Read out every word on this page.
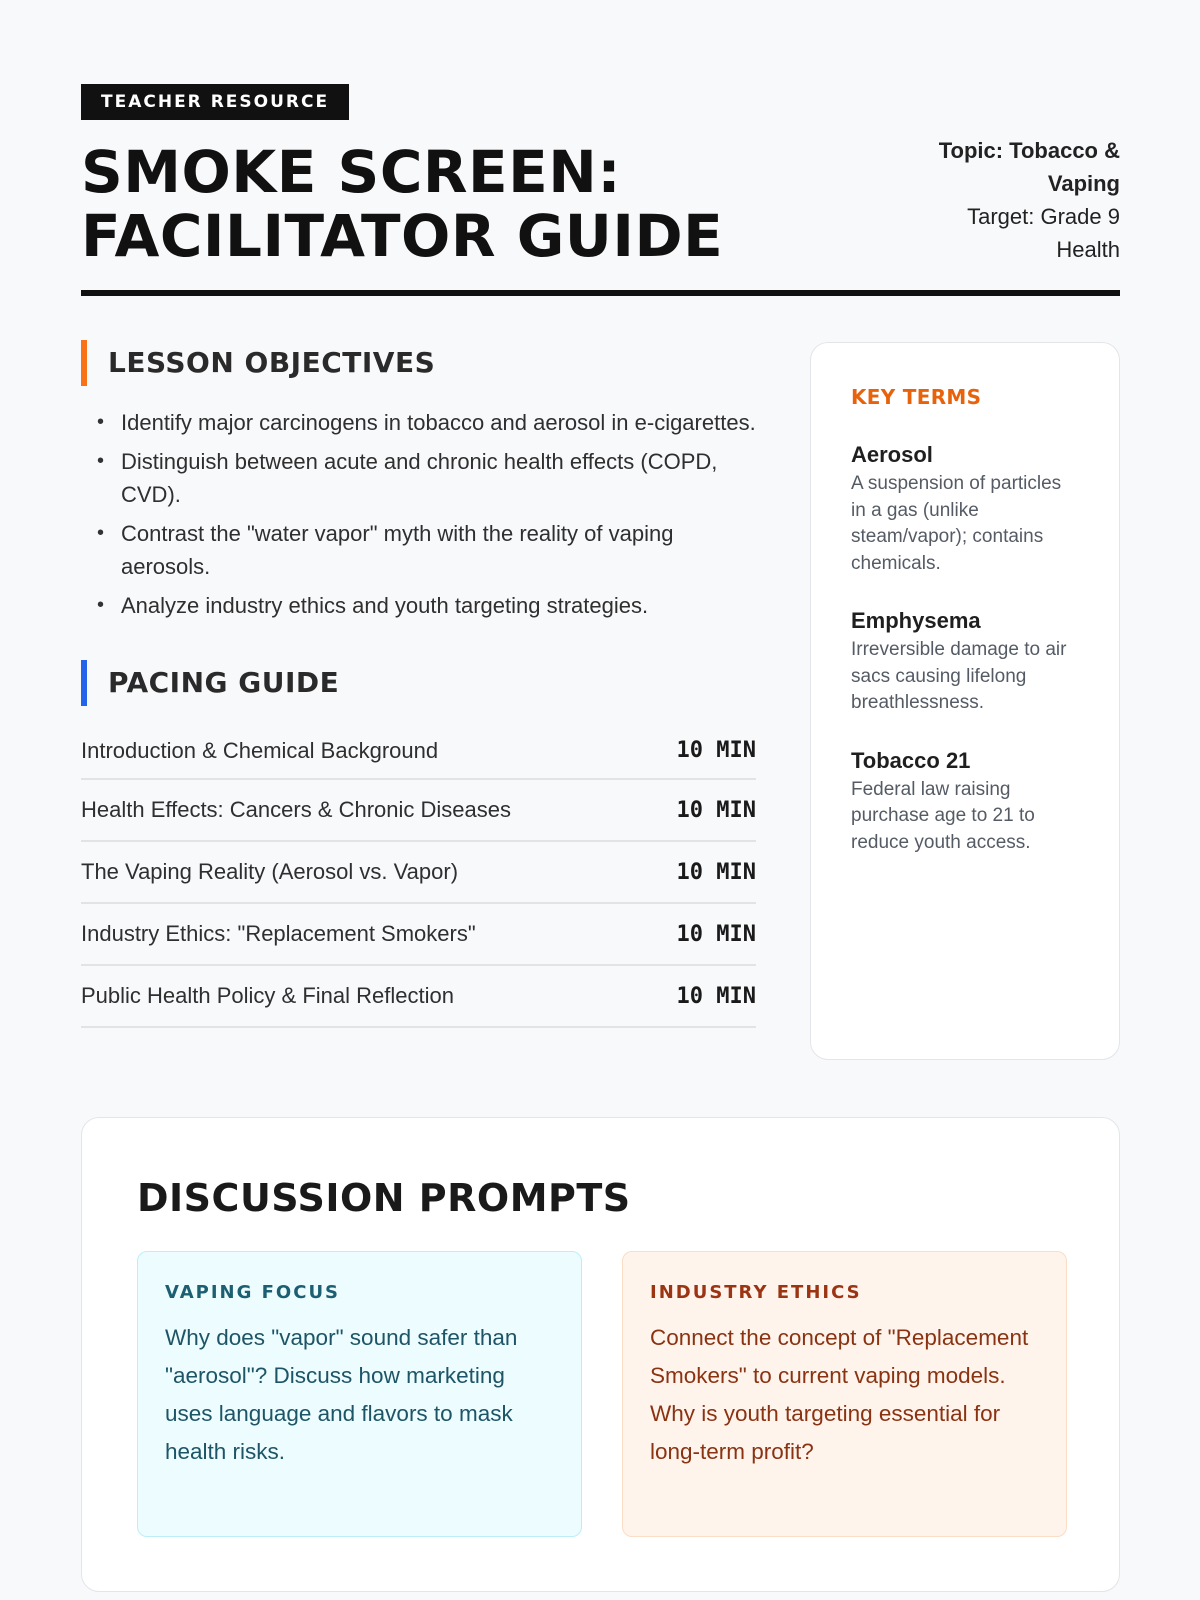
TEACHER RESOURCE
SMOKE SCREEN:
FACILITATOR GUIDE
Topic: Tobacco & Vaping
Target: Grade 9 Health
LESSON OBJECTIVES
• Identify major carcinogens in tobacco and aerosol in e-cigarettes.
• Distinguish between acute and chronic health effects (COPD, CVD).
• Contrast the "water vapor" myth with the reality of vaping aerosols.
• Analyze industry ethics and youth targeting strategies.
PACING GUIDE
Introduction & Chemical Background	10 MIN
Health Effects: Cancers & Chronic Diseases	10 MIN
The Vaping Reality (Aerosol vs. Vapor)	10 MIN
Industry Ethics: "Replacement Smokers"	10 MIN
Public Health Policy & Final Reflection	10 MIN
KEY TERMS
Aerosol
A suspension of particles in a gas (unlike steam/vapor); contains chemicals.
Emphysema
Irreversible damage to air sacs causing lifelong breathlessness.
Tobacco 21
Federal law raising purchase age to 21 to reduce youth access.
DISCUSSION PROMPTS
VAPING FOCUS

Why does "vapor" sound safer than "aerosol"? Discuss how marketing uses language and flavors to mask health risks.

INDUSTRY ETHICS

Connect the concept of "Replacement Smokers" to current vaping models. Why is youth targeting essential for long-term profit?
